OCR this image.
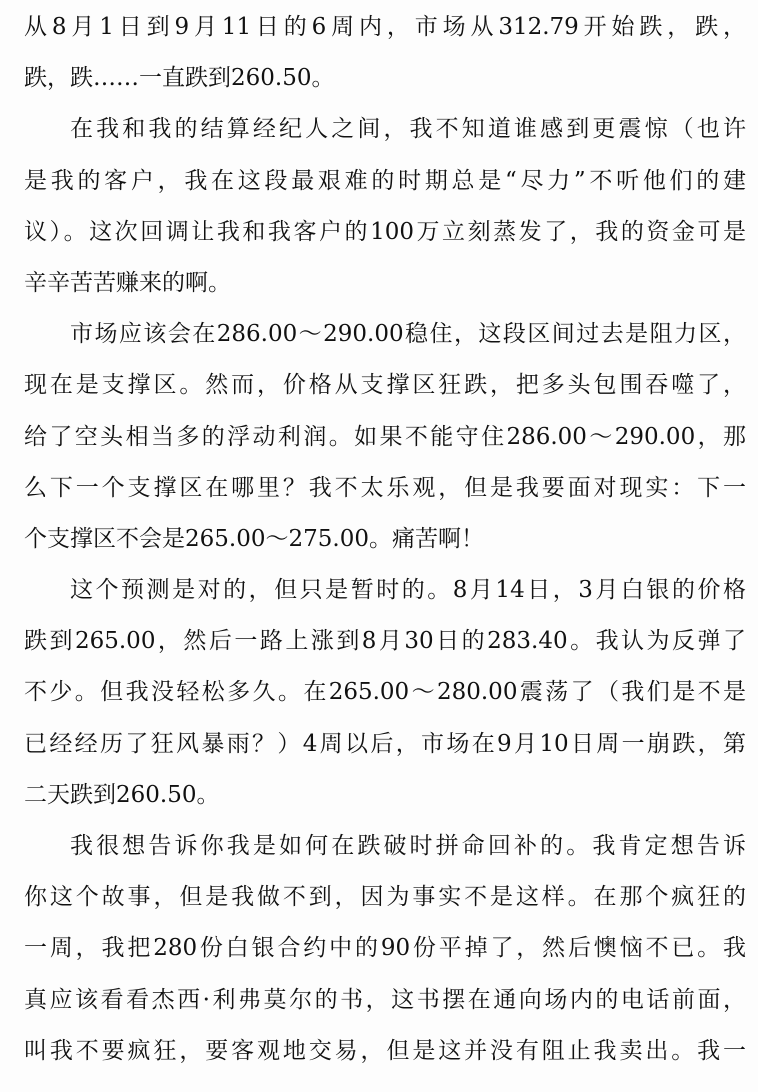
从8月1日到9月11日的6周内，市场从312.79开始跌，跌，
跌，跌……一直跌到260.50。

在我和我的结算经纪人之间，我不知道谁感到更震惊（也许
是我的客户，我在这段最艰难的时期总是“尽力”不听他们的建
议）。这次回调让我和我客户的100万立刻蒸发了，我的资金可是
辛辛苦苦赚来的啊。

市场应该会在286.00～290.00稳住，这段区间过去是阻力区，
现在是支撑区。然而，价格从支撑区狂跌，把多头包围吞噬了，
给了空头相当多的浮动利润。如果不能守住286.00～290.00，那
么下一个支撑区在哪里？我不太乐观，但是我要面对现实：下一
个支撑区不会是265.00～275.00。痛苦啊！

这个预测是对的，但只是暂时的。8月14日，3月白银的价格
跌到265.00，然后一路上涨到8月30日的283.40。我认为反弹了
不少。但我没轻松多久。在265.00～280.00震荡了（我们是不是
已经经历了狂风暴雨？）4周以后，市场在9月10日周一崩跌，第
二天跌到260.50。

我很想告诉你我是如何在跌破时拼命回补的。我肯定想告诉
你这个故事，但是我做不到，因为事实不是这样。在那个疯狂的
一周，我把280份白银合约中的90份平掉了，然后懊恼不已。我
真应该看看杰西·利弗莫尔的书，这书摆在通向场内的电话前面，
叫我不要疯狂，要客观地交易，但是这并没有阻止我卖出。我一
